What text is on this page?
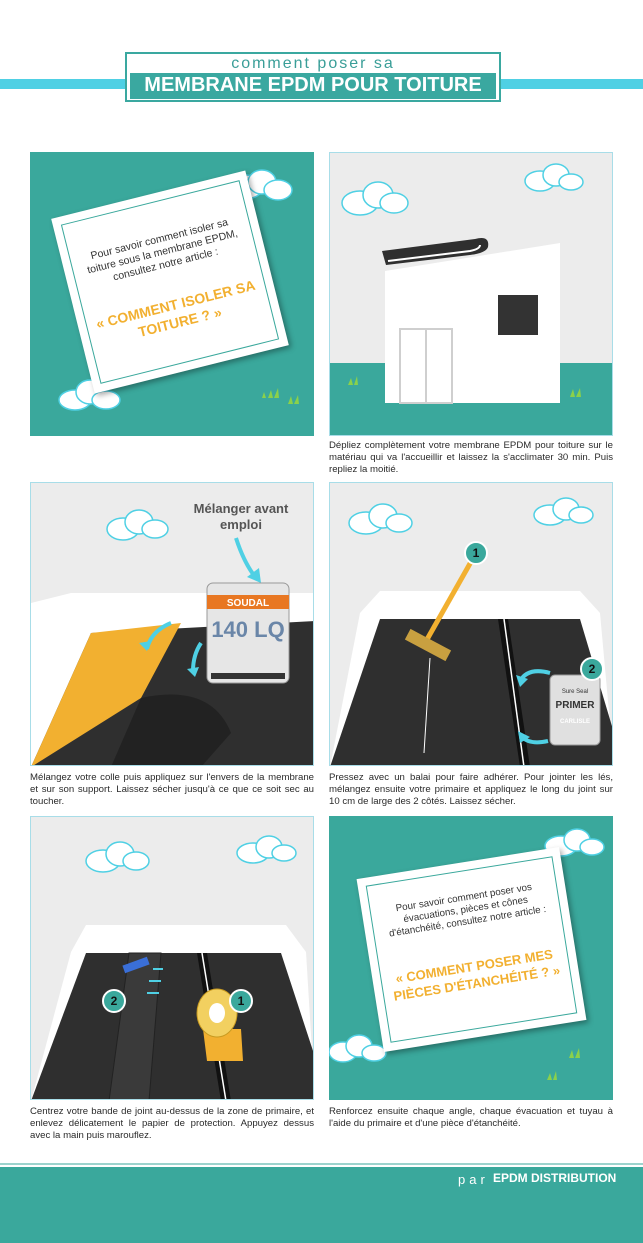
comment poser sa
MEMBRANE EPDM POUR TOITURE
Pour savoir comment isoler sa toiture sous la membrane EPDM, consultez notre article :
« COMMENT ISOLER SA TOITURE ? »
Dépliez complètement votre membrane EPDM pour toiture sur le matériau qui va l'accueillir et laissez la s'acclimater 30 min. Puis repliez la moitié.
SOUDAL
140 LQ
Mélanger avant emploi
Mélangez votre colle puis appliquez sur l'envers de la membrane et sur son support. Laissez sécher jusqu'à ce que ce soit sec au toucher.
1
Sure Seal
PRIMER
CARLISLE
2
Pressez avec un balai pour faire adhérer. Pour jointer les lés, mélangez ensuite votre primaire et appliquez le long du joint sur 10 cm de large des 2 côtés. Laissez sécher.
1
2
Centrez votre bande de joint au-dessus de la zone de primaire, et enlevez délicatement le papier de protection. Appuyez dessus avec la main puis marouflez.
Pour savoir comment poser vos évacuations, pièces et cônes d'étanchéité, consultez notre article :
« COMMENT POSER MES PIÈCES D'ÉTANCHÉITÉ ? »
Renforcez ensuite chaque angle, chaque évacuation et tuyau à l'aide du primaire et d'une pièce d'étanchéité.
par EPDM DISTRIBUTION
